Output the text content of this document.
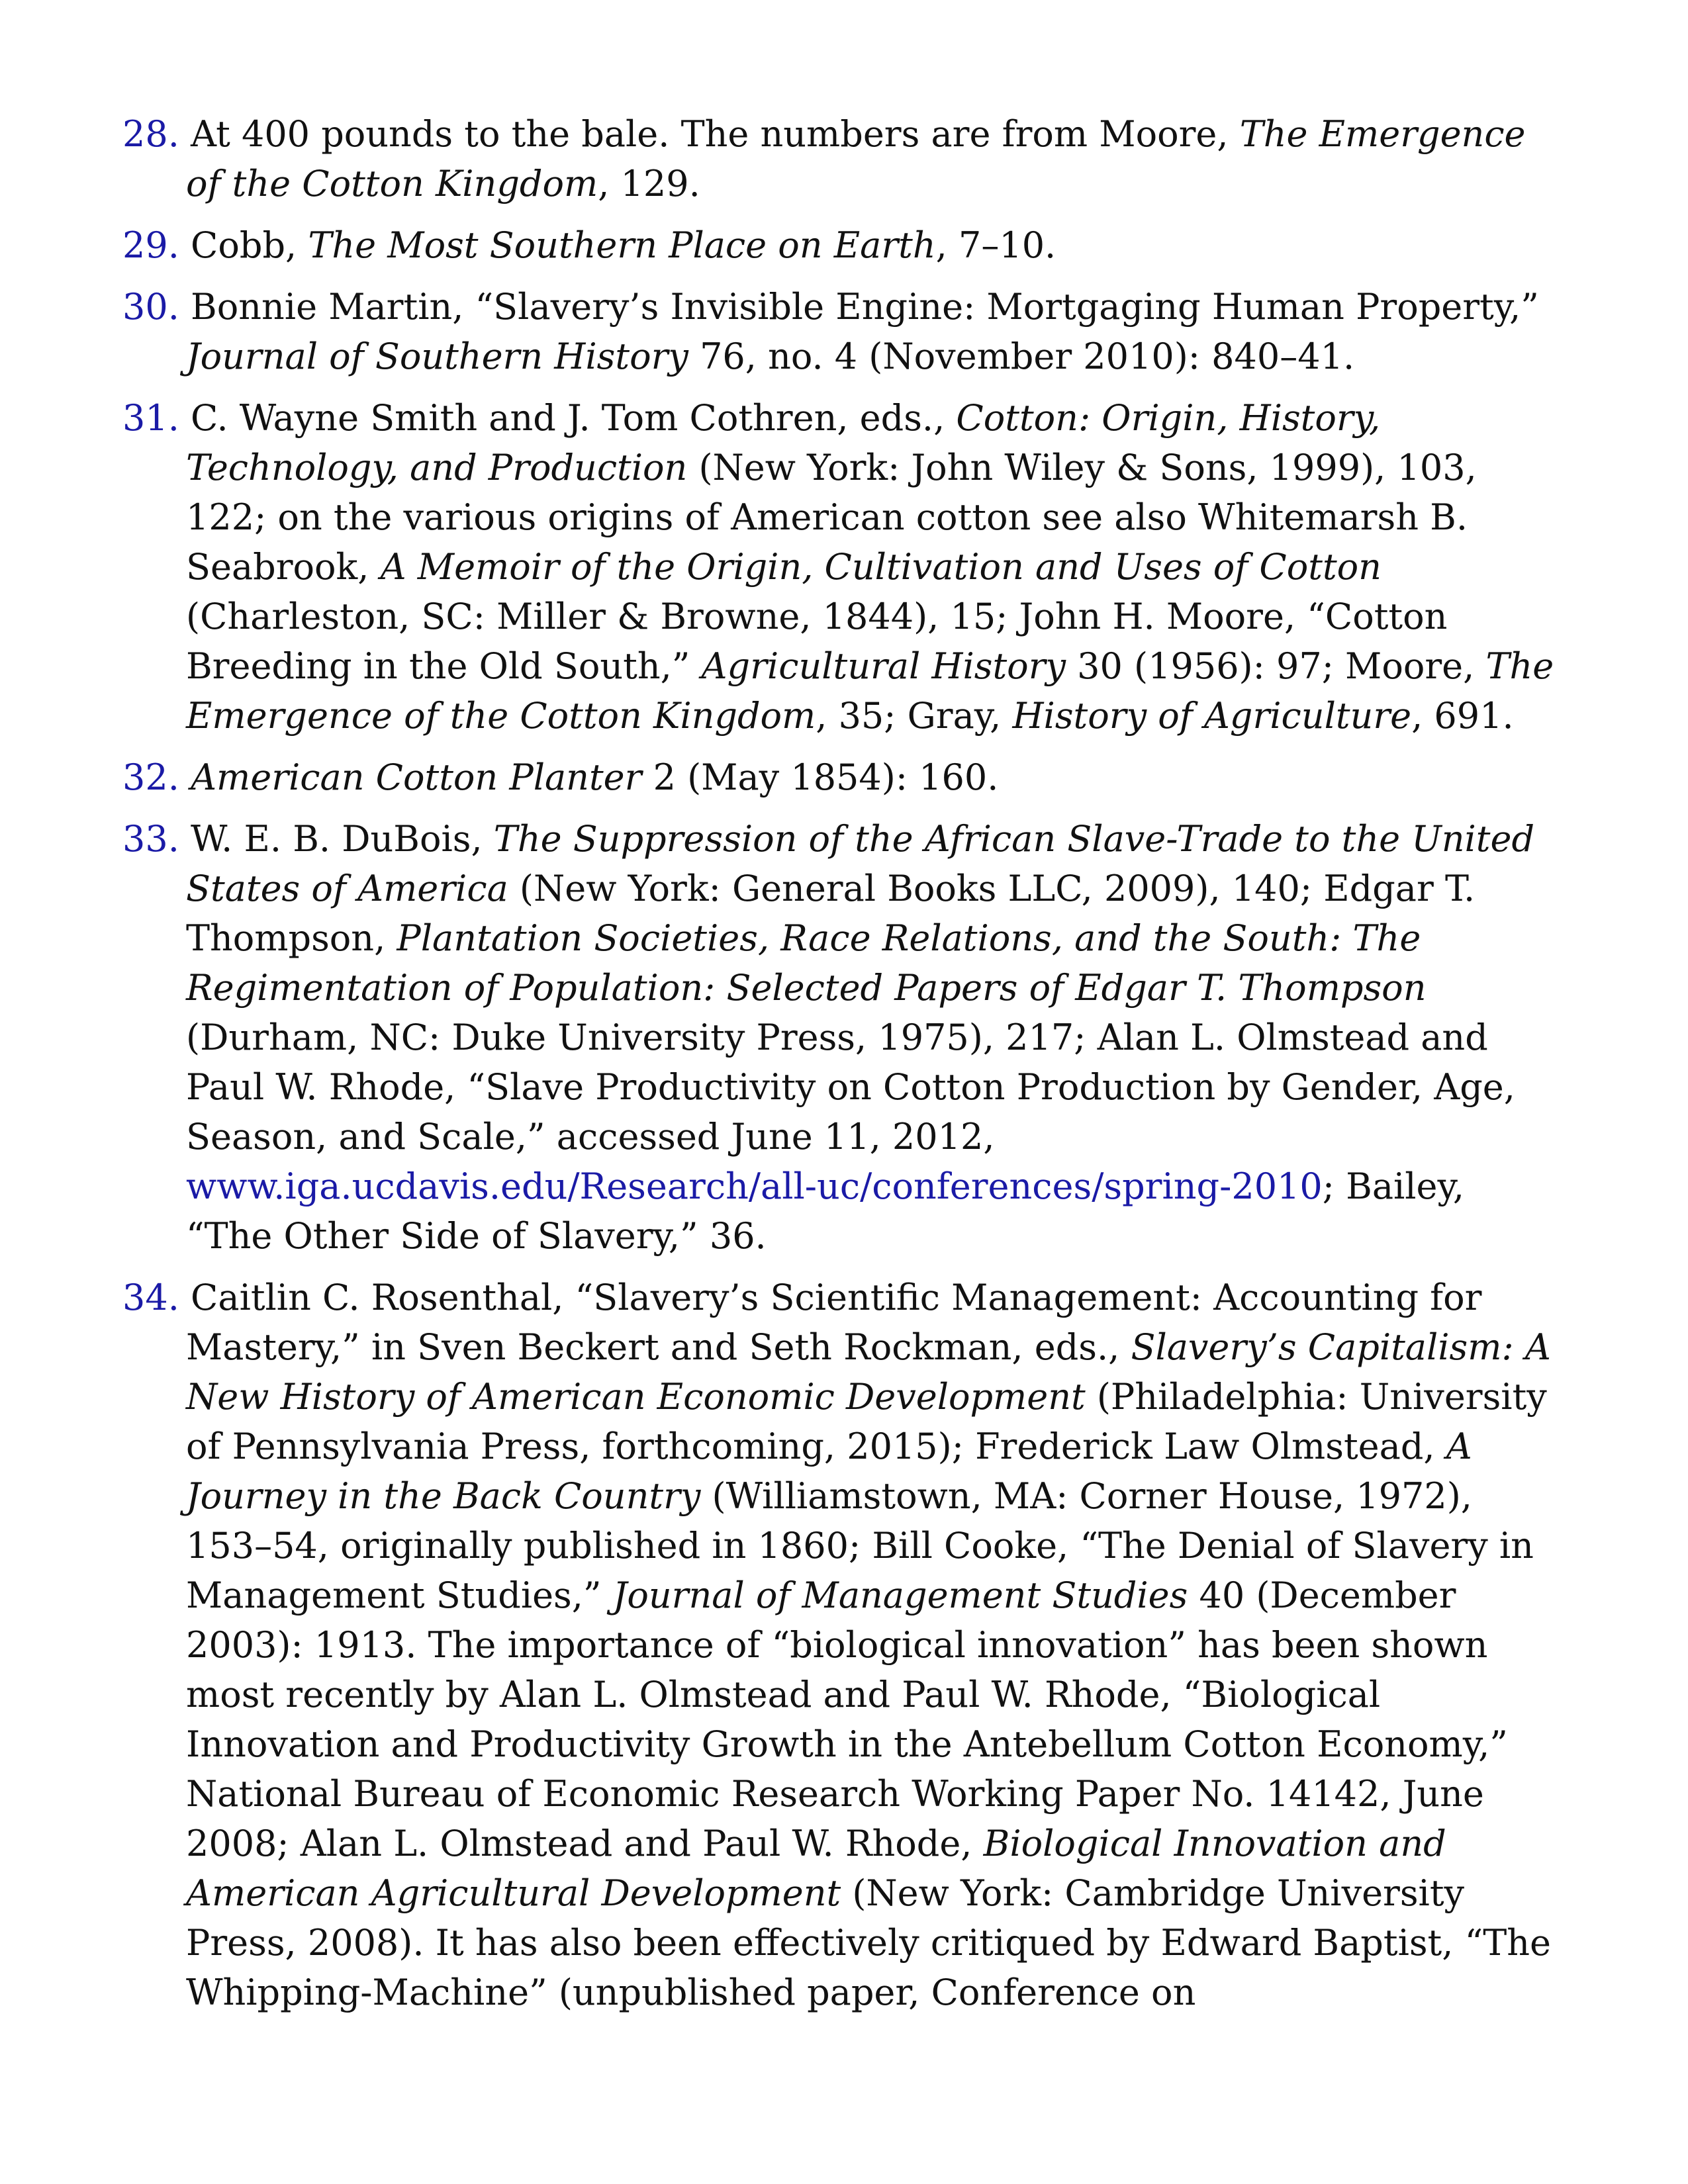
28. At 400 pounds to the bale. The numbers are from Moore, The Emergence of the Cotton Kingdom, 129.

29. Cobb, The Most Southern Place on Earth, 7–10.

30. Bonnie Martin, “Slavery’s Invisible Engine: Mortgaging Human Property,” Journal of Southern History 76, no. 4 (November 2010): 840–41.

31. C. Wayne Smith and J. Tom Cothren, eds., Cotton: Origin, History, Technology, and Production (New York: John Wiley & Sons, 1999), 103, 122; on the various origins of American cotton see also Whitemarsh B. Seabrook, A Memoir of the Origin, Cultivation and Uses of Cotton (Charleston, SC: Miller & Browne, 1844), 15; John H. Moore, “Cotton Breeding in the Old South,” Agricultural History 30 (1956): 97; Moore, The Emergence of the Cotton Kingdom, 35; Gray, History of Agriculture, 691.

32. American Cotton Planter 2 (May 1854): 160.

33. W. E. B. DuBois, The Suppression of the African Slave-Trade to the United States of America (New York: General Books LLC, 2009), 140; Edgar T. Thompson, Plantation Societies, Race Relations, and the South: The Regimentation of Population: Selected Papers of Edgar T. Thompson (Durham, NC: Duke University Press, 1975), 217; Alan L. Olmstead and Paul W. Rhode, “Slave Productivity on Cotton Production by Gender, Age, Season, and Scale,” accessed June 11, 2012, www.iga.ucdavis.edu/Research/all-uc/conferences/spring-2010; Bailey, “The Other Side of Slavery,” 36.

34. Caitlin C. Rosenthal, “Slavery’s Scientific Management: Accounting for Mastery,” in Sven Beckert and Seth Rockman, eds., Slavery’s Capitalism: A New History of American Economic Development (Philadelphia: University of Pennsylvania Press, forthcoming, 2015); Frederick Law Olmstead, A Journey in the Back Country (Williamstown, MA: Corner House, 1972), 153–54, originally published in 1860; Bill Cooke, “The Denial of Slavery in Management Studies,” Journal of Management Studies 40 (December 2003): 1913. The importance of “biological innovation” has been shown most recently by Alan L. Olmstead and Paul W. Rhode, “Biological Innovation and Productivity Growth in the Antebellum Cotton Economy,” National Bureau of Economic Research Working Paper No. 14142, June 2008; Alan L. Olmstead and Paul W. Rhode, Biological Innovation and American Agricultural Development (New York: Cambridge University Press, 2008). It has also been effectively critiqued by Edward Baptist, “The Whipping-Machine” (unpublished paper, Conference on
